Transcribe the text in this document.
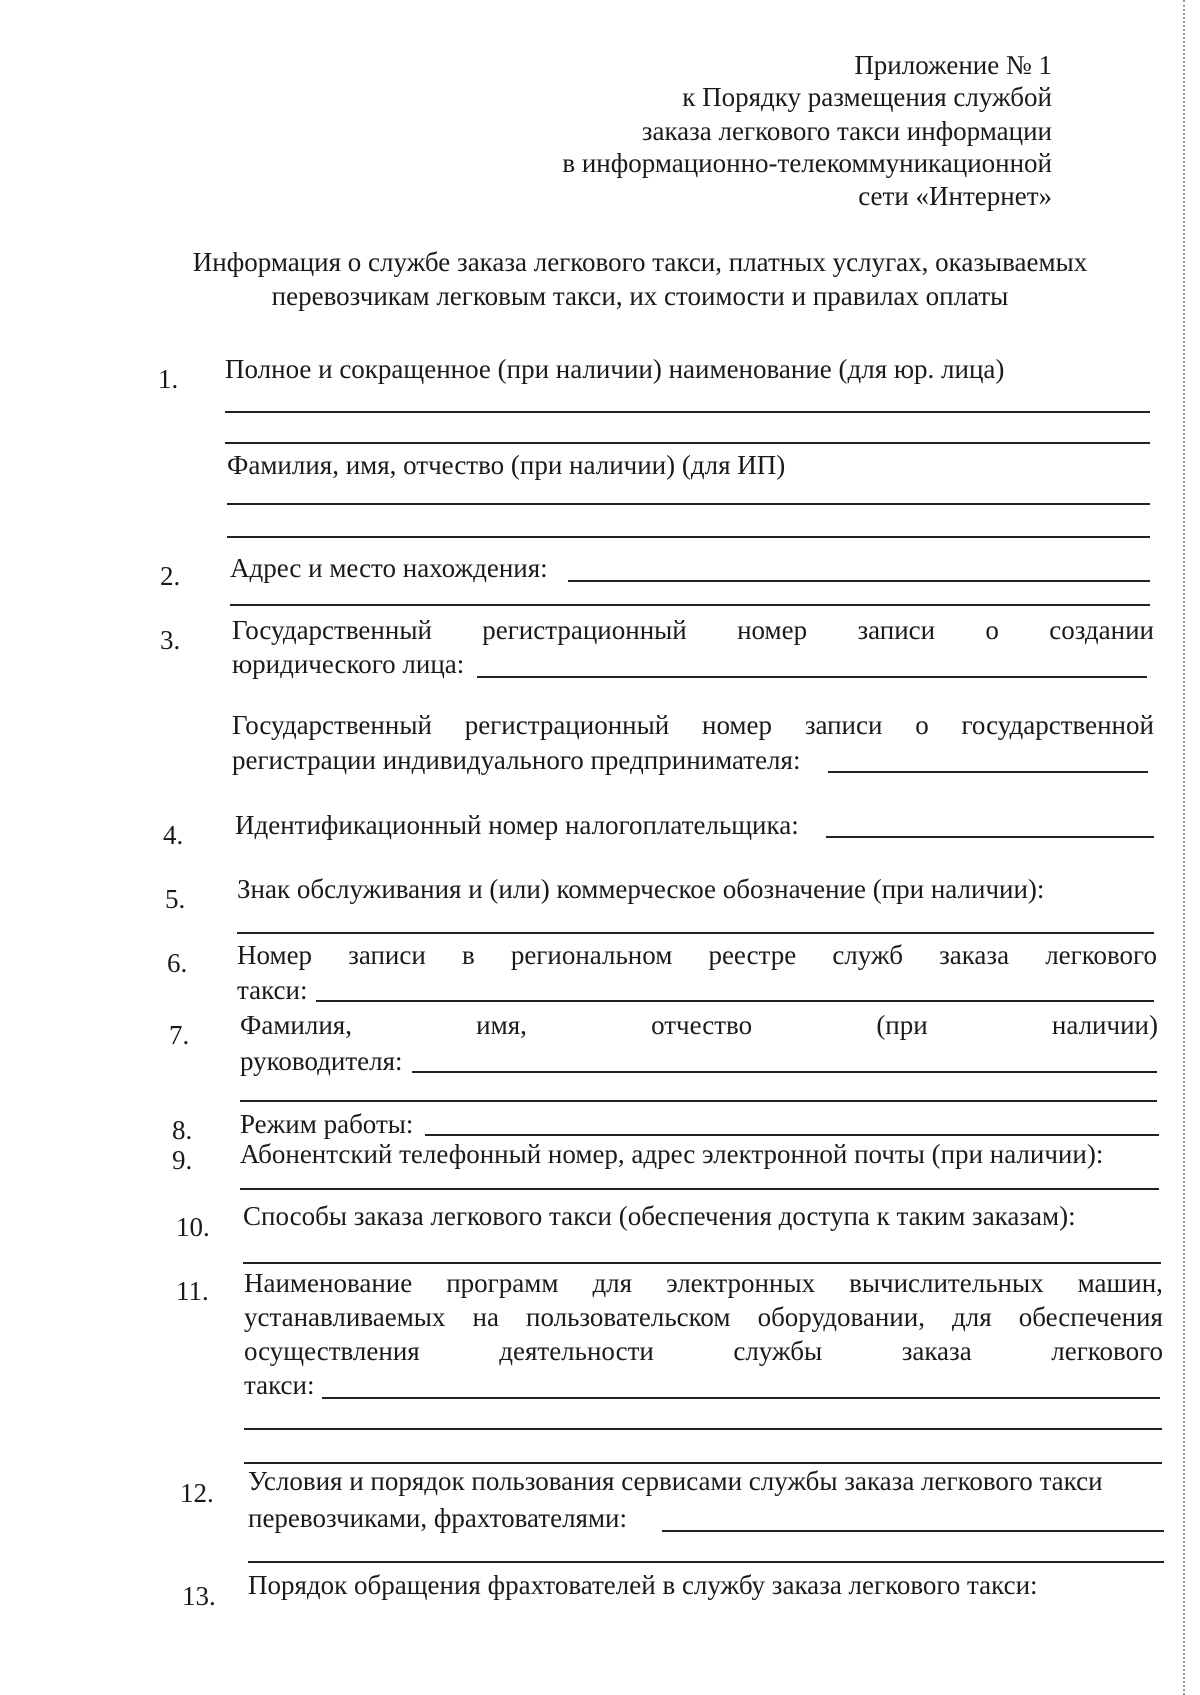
Приложение № 1
к Порядку размещения службой
заказа легкового такси информации
в информационно-телекоммуникационной
сети «Интернет»
Информация о службе заказа легкового такси, платных услугах, оказываемых
перевозчикам легковым такси, их стоимости и правилах оплаты
1. Полное и сокращенное (при наличии) наименование (для юр. лица)
Фамилия, имя, отчество (при наличии) (для ИП)
2. Адрес и место нахождения:
3. Государственный регистрационный номер записи о создании
юридического лица:
Государственный регистрационный номер записи о государственной
регистрации индивидуального предпринимателя:
4. Идентификационный номер налогоплательщика:
5. Знак обслуживания и (или) коммерческое обозначение (при наличии):
6. Номер записи в региональном реестре служб заказа легкового
такси:
7. Фамилия,	имя,	отчество	(при	наличии)
руководителя:
8. Режим работы:
9. Абонентский телефонный номер, адрес электронной почты (при наличии):
10. Способы заказа легкового такси (обеспечения доступа к таким заказам):
11. Наименование программ для электронных вычислительных машин,
устанавливаемых на пользовательском оборудовании, для обеспечения
осуществления	деятельности	службы	заказа	легкового
такси:
12. Условия и порядок пользования сервисами службы заказа легкового такси
перевозчиками, фрахтователями:
13. Порядок обращения фрахтователей в службу заказа легкового такси:
